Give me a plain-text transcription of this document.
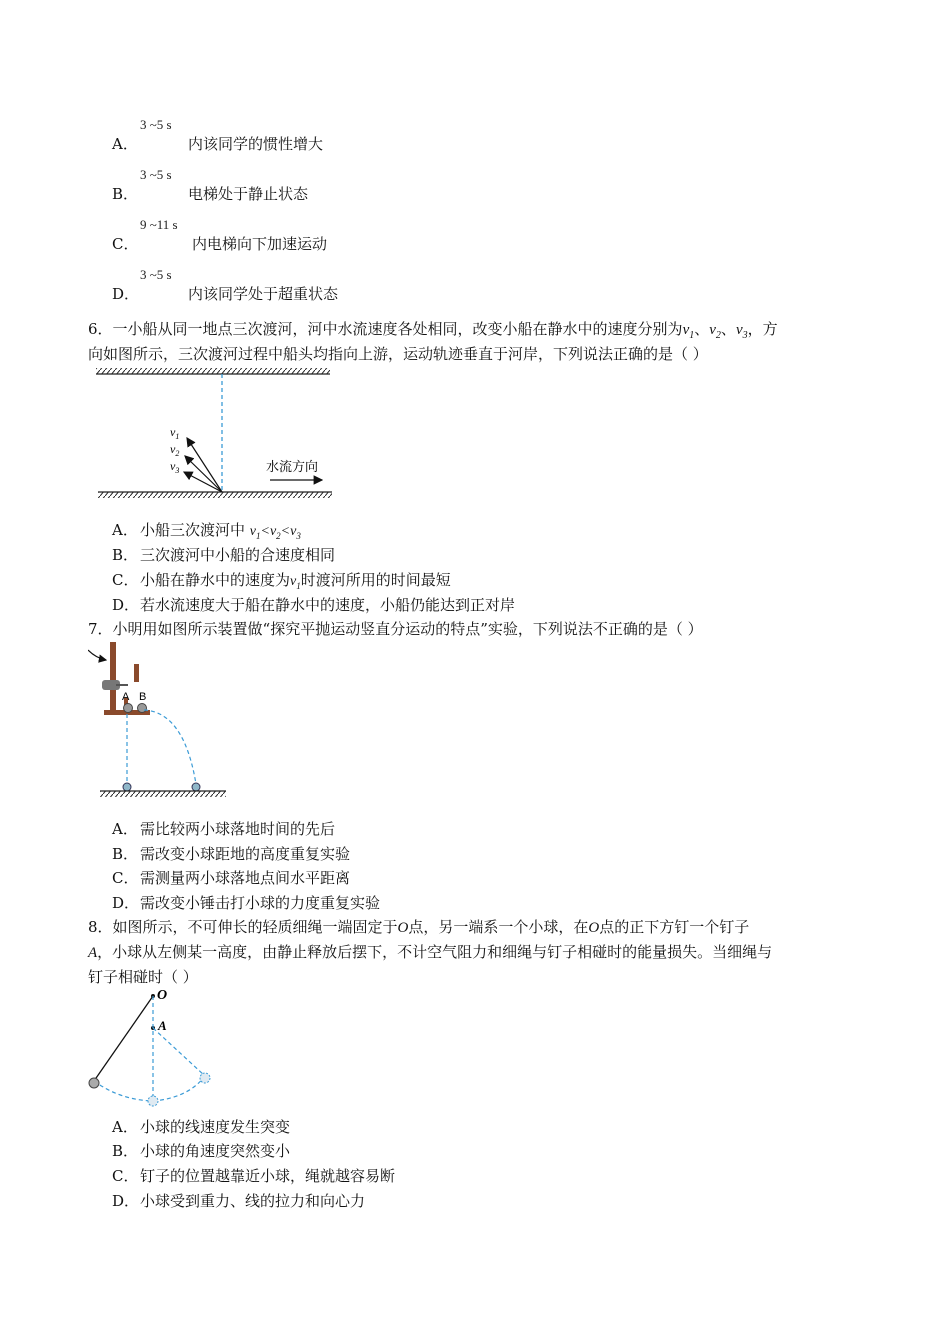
3 ~5 s
A．	内该同学的惯性增大
3 ~5 s
B．	电梯处于静止状态
9 ~11 s
C．	内电梯向下加速运动
3 ~5 s
D．	内该同学处于超重状态
6．一小船从同一地点三次渡河，河中水流速度各处相同，改变小船在静水中的速度分别为$v_1$、$v_2$、$v_3$，方
向如图所示，三次渡河过程中船头均指向上游，运动轨迹垂直于河岸，下列说法正确的是（ ）
$v_1$
$v_2$
$v_3$	水流方向
A． 小船三次渡河中 $v_1<v_2<v_3$
B． 三次渡河中小船的合速度相同
C． 小船在静水中的速度为$v_1$时渡河所用的时间最短
D．若水流速度大于船在静水中的速度，小船仍能达到正对岸
7．小明用如图所示装置做“探究平抛运动竖直分运动的特点”实验，下列说法不正确的是（ ）
A B
A． 需比较两小球落地时间的先后
B． 需改变小球距地的高度重复实验
C． 需测量两小球落地点间水平距离
D．需改变小锤击打小球的力度重复实验
8．如图所示，不可伸长的轻质细绳一端固定于O点，另一端系一个小球，在O点的正下方钉一个钉子
A，小球从左侧某一高度，由静止释放后摆下，不计空气阻力和细绳与钉子相碰时的能量损失。当细绳与
钉子相碰时（ ）
O
A
A． 小球的线速度发生突变
B． 小球的角速度突然变小
C． 钉子的位置越靠近小球，绳就越容易断
D．小球受到重力、线的拉力和向心力
